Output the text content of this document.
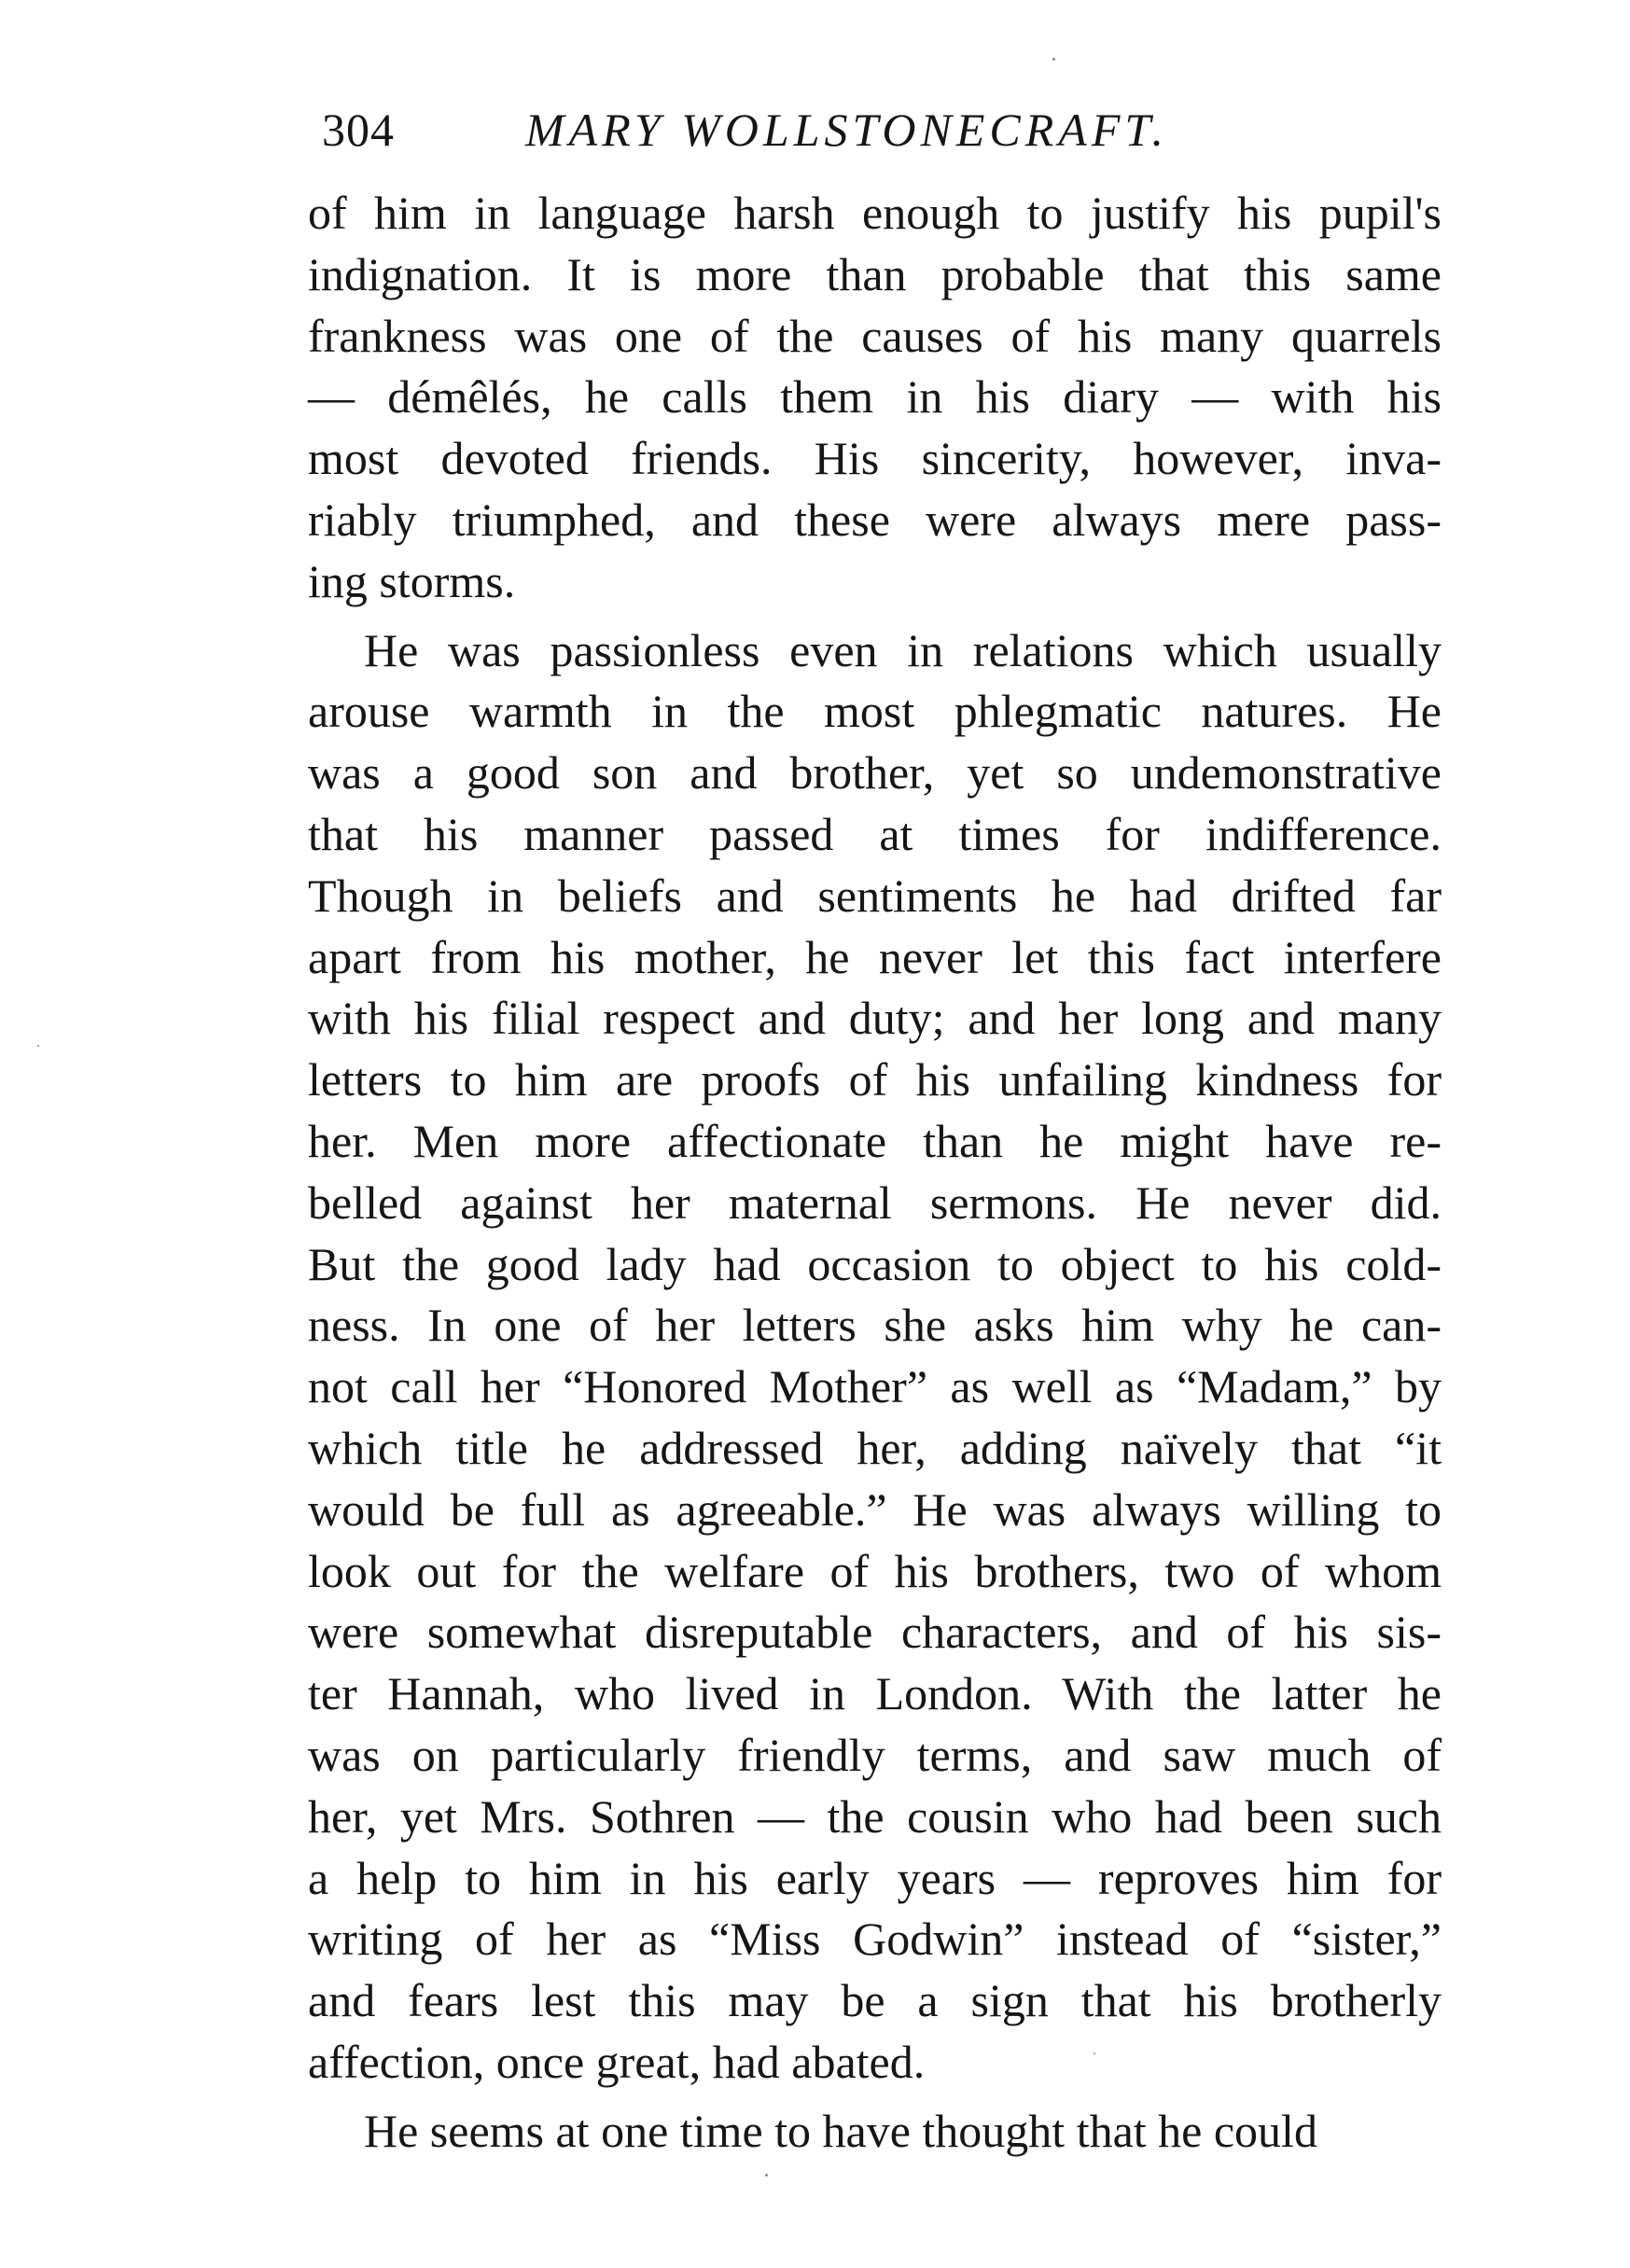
304	MARY WOLLSTONECRAFT.
of him in language harsh enough to justify his pupil's
indignation. It is more than probable that this same
frankness was one of the causes of his many quarrels
— démêlés, he calls them in his diary — with his
most devoted friends. His sincerity, however, inva-
riably triumphed, and these were always mere pass-
ing storms.
He was passionless even in relations which usually
arouse warmth in the most phlegmatic natures. He
was a good son and brother, yet so undemonstrative
that his manner passed at times for indifference.
Though in beliefs and sentiments he had drifted far
apart from his mother, he never let this fact interfere
with his filial respect and duty; and her long and many
letters to him are proofs of his unfailing kindness for
her. Men more affectionate than he might have re-
belled against her maternal sermons. He never did.
But the good lady had occasion to object to his cold-
ness. In one of her letters she asks him why he can-
not call her “Honored Mother” as well as “Madam,” by
which title he addressed her, adding naïvely that “it
would be full as agreeable.” He was always willing to
look out for the welfare of his brothers, two of whom
were somewhat disreputable characters, and of his sis-
ter Hannah, who lived in London. With the latter he
was on particularly friendly terms, and saw much of
her, yet Mrs. Sothren — the cousin who had been such
a help to him in his early years — reproves him for
writing of her as “Miss Godwin” instead of “sister,”
and fears lest this may be a sign that his brotherly
affection, once great, had abated.
He seems at one time to have thought that he could
